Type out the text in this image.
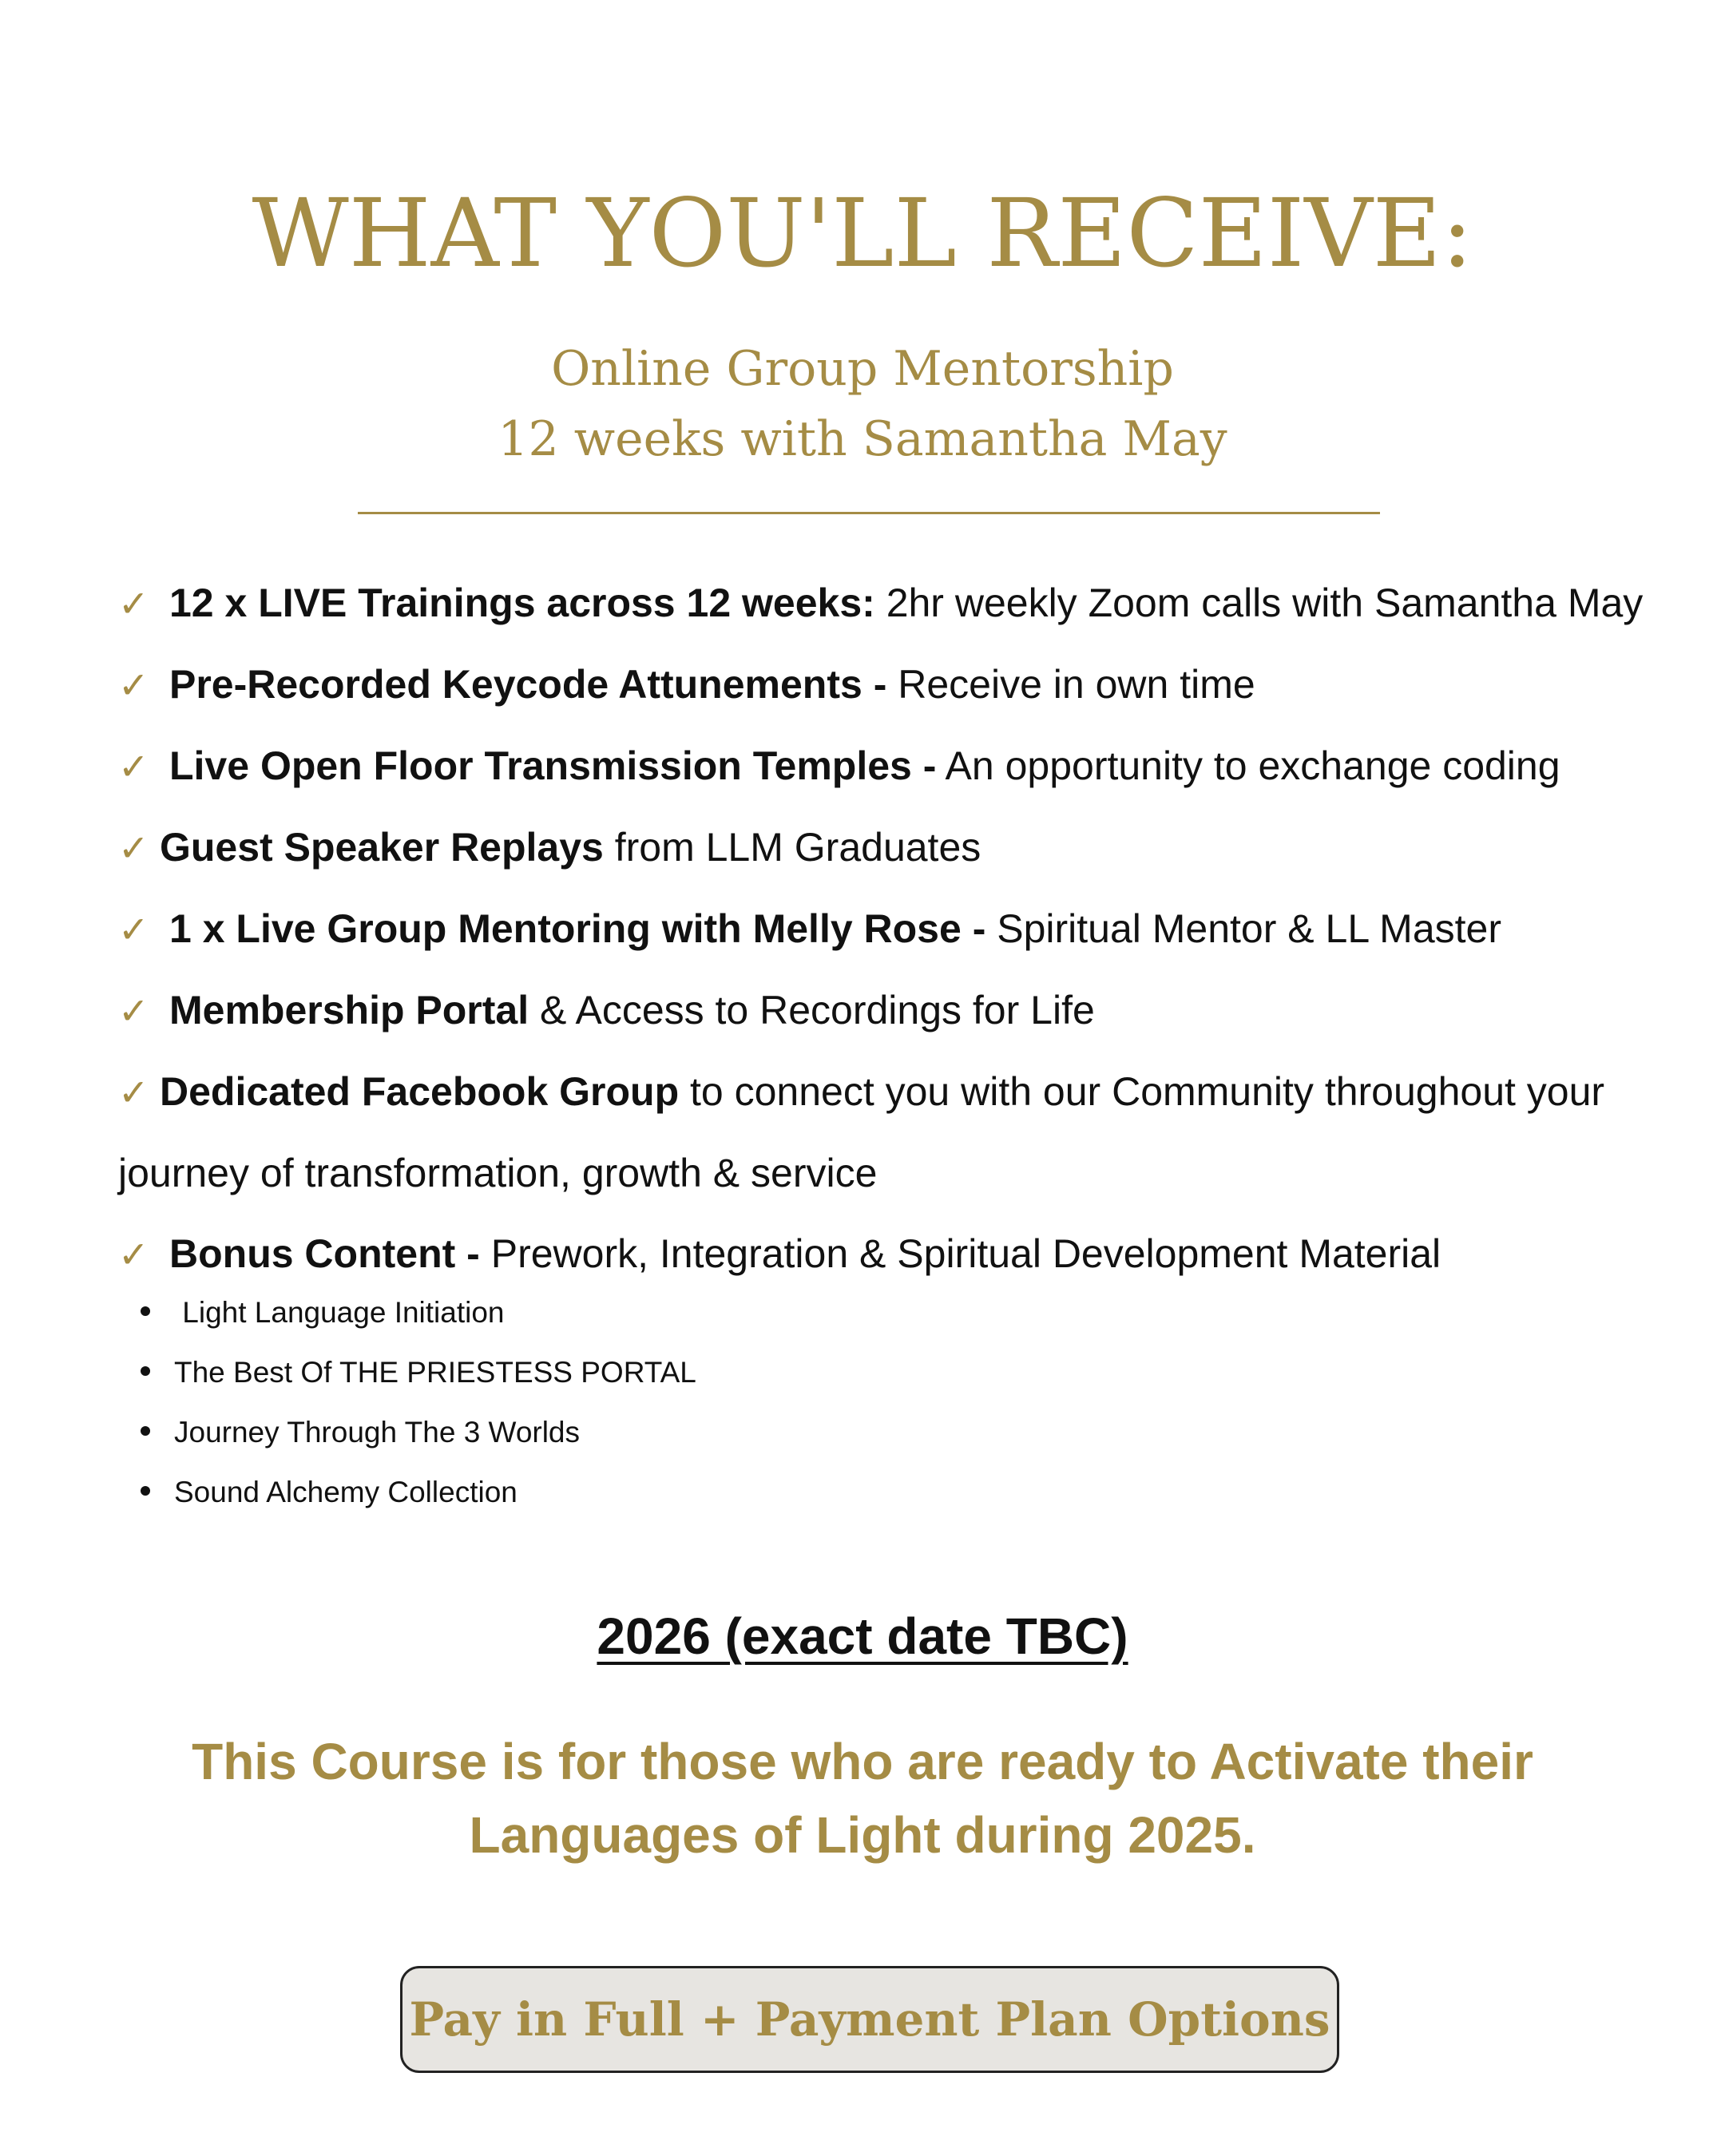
WHAT YOU'LL RECEIVE:
Online Group Mentorship
12 weeks with Samantha May
✓ 12 x LIVE Trainings across 12 weeks: 2hr weekly Zoom calls with Samantha May
✓ Pre-Recorded Keycode Attunements - Receive in own time
✓ Live Open Floor Transmission Temples - An opportunity to exchange coding
✓ Guest Speaker Replays from LLM Graduates
✓ 1 x Live Group Mentoring with Melly Rose - Spiritual Mentor & LL Master
✓ Membership Portal & Access to Recordings for Life
✓ Dedicated Facebook Group to connect you with our Community throughout your journey of transformation, growth & service
✓ Bonus Content - Prework, Integration & Spiritual Development Material
Light Language Initiation
The Best Of THE PRIESTESS PORTAL
Journey Through The 3 Worlds
Sound Alchemy Collection
2026 (exact date TBC)
This Course is for those who are ready to Activate their Languages of Light during 2025.
Pay in Full + Payment Plan Options
